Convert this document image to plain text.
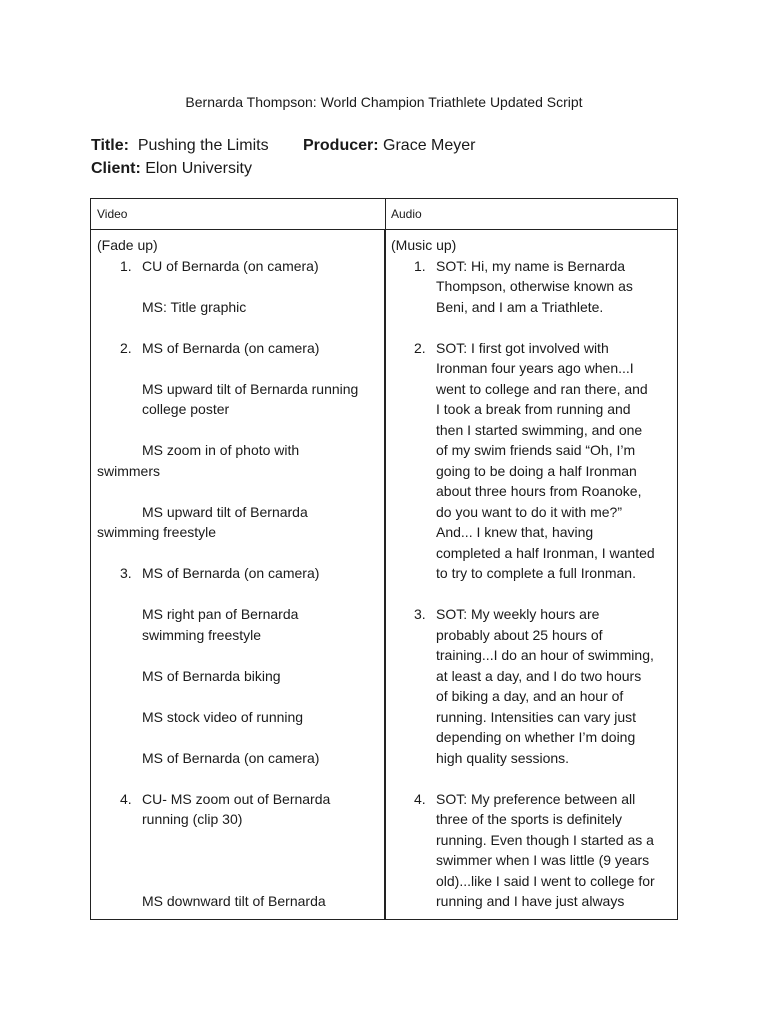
Bernarda Thompson: World Champion Triathlete Updated Script
Title: Pushing the Limits Producer: Grace Meyer
Client: Elon University
Video	Audio
(Fade up)
1. CU of Bernarda (on camera)
MS: Title graphic
2. MS of Bernarda (on camera)
MS upward tilt of Bernarda running
college poster
MS zoom in of photo with
swimmers
MS upward tilt of Bernarda
swimming freestyle
3. MS of Bernarda (on camera)
MS right pan of Bernarda
swimming freestyle
MS of Bernarda biking
MS stock video of running
MS of Bernarda (on camera)
4. CU- MS zoom out of Bernarda
running (clip 30)
MS downward tilt of Bernarda
(Music up)
1. SOT: Hi, my name is Bernarda
Thompson, otherwise known as
Beni, and I am a Triathlete.
2. SOT: I first got involved with
Ironman four years ago when...I
went to college and ran there, and
I took a break from running and
then I started swimming, and one
of my swim friends said “Oh, I’m
going to be doing a half Ironman
about three hours from Roanoke,
do you want to do it with me?”
And... I knew that, having
completed a half Ironman, I wanted
to try to complete a full Ironman.
3. SOT: My weekly hours are
probably about 25 hours of
training...I do an hour of swimming,
at least a day, and I do two hours
of biking a day, and an hour of
running. Intensities can vary just
depending on whether I’m doing
high quality sessions.
4. SOT: My preference between all
three of the sports is definitely
running. Even though I started as a
swimmer when I was little (9 years
old)...like I said I went to college for
running and I have just always
